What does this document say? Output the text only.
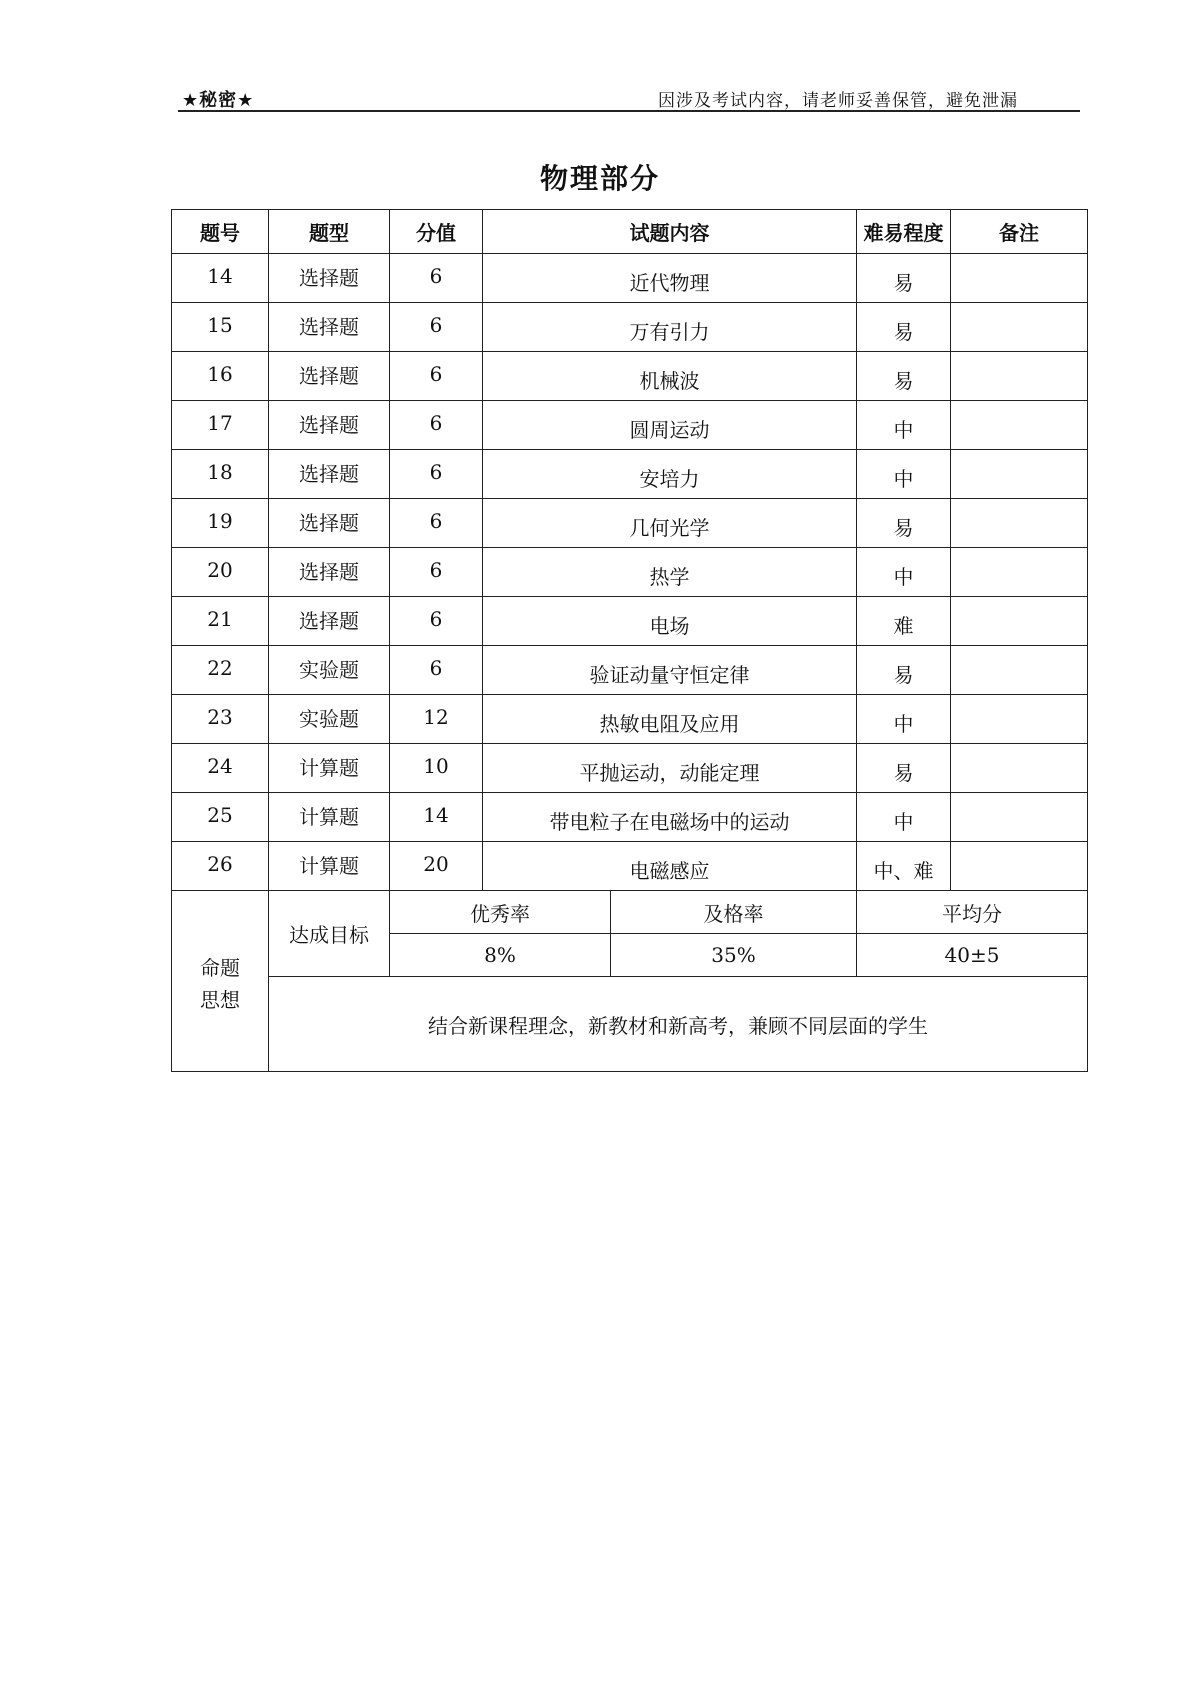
★秘密★	因涉及考试内容，请老师妥善保管，避免泄漏
物理部分
题号	题型	分值	试题内容		难易程度	备注
14	选择题	6	近代物理		易	
15	选择题	6	万有引力		易	
16	选择题	6	机械波		易	
17	选择题	6	圆周运动		中	
18	选择题	6	安培力		中	
19	选择题	6	几何光学		易	
20	选择题	6	热学		中	
21	选择题	6	电场		难	
22	实验题	6	验证动量守恒定律		易	
23	实验题	12	热敏电阻及应用		中	
24	计算题	10	平抛运动，动能定理		易	
25	计算题	14	带电粒子在电磁场中的运动		中	
26	计算题	20	电磁感应		中、难	
命题
思想	达成目标	优秀率		及格率	平均分	
		8%		35%	40±5	
	结合新课程理念，新教材和新高考，兼顾不同层面的学生					
